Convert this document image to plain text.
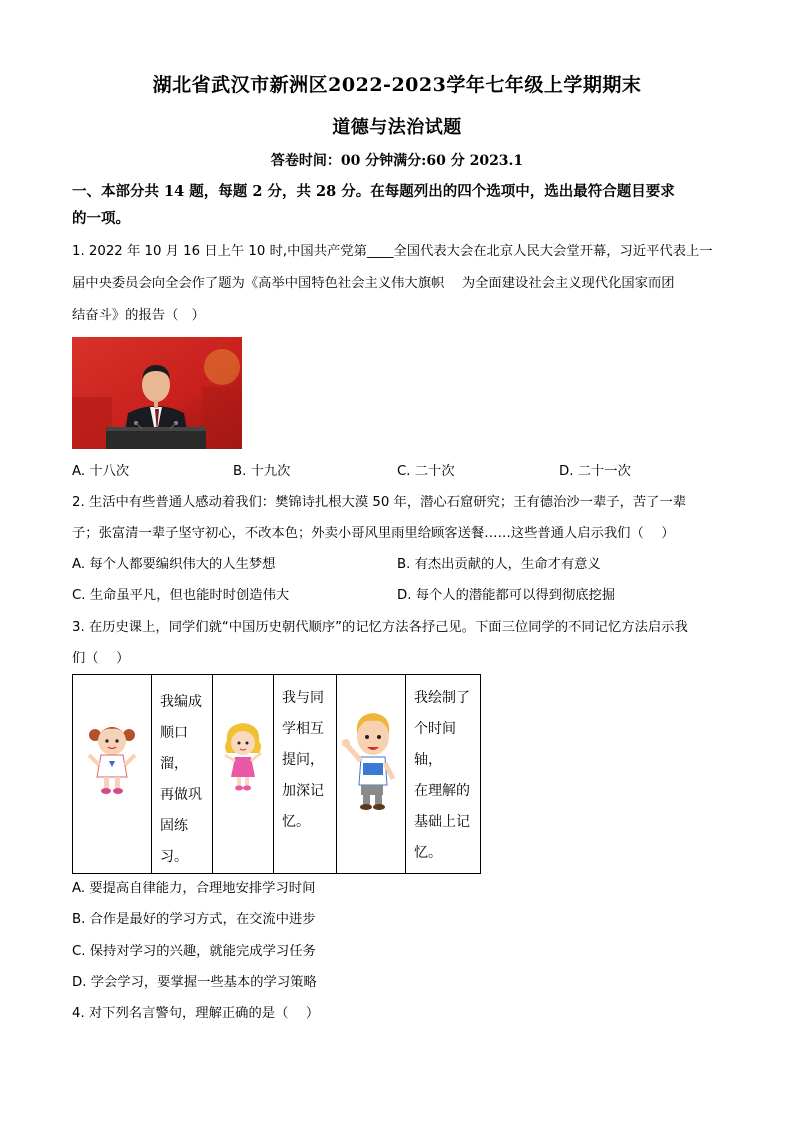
湖北省武汉市新洲区2022-2023学年七年级上学期期末
道德与法治试题
答卷时间：00 分钟满分:60 分 2023.1
一、本部分共 14 题，每题 2 分，共 28 分。在每题列出的四个选项中，选出最符合题目要求
的一项。
1. 2022 年 10 月 16 日上午 10 时,中国共产党第____全国代表大会在北京人民大会堂开幕，习近平代表上一
届中央委员会向全会作了题为《高举中国特色社会主义伟大旗帜　 为全面建设社会主义现代化国家而团
结奋斗》的报告（　）
A. 十八次	B. 十九次	C. 二十次	D. 二十一次
2. 生活中有些普通人感动着我们：樊锦诗扎根大漠 50 年，潜心石窟研究；王有德治沙一辈子，苦了一辈
子；张富清一辈子坚守初心，不改本色；外卖小哥风里雨里给顾客送餐……这些普通人启示我们（　 ）
A. 每个人都要编织伟大的人生梦想	B. 有杰出贡献的人，生命才有意义
C. 生命虽平凡，但也能时时创造伟大	D. 每个人的潜能都可以得到彻底挖掘
3. 在历史课上，同学们就“中国历史朝代顺序”的记忆方法各抒己见。下面三位同学的不同记忆方法启示我
们（　 ）

我编成
顺口溜，
再做巩
固练习。

我与同
学相互
提问，
加深记
忆。

我绘制了
个时间轴，
在理解的
基础上记
忆。
A. 要提高自律能力，合理地安排学习时间
B. 合作是最好的学习方式，在交流中进步
C. 保持对学习的兴趣，就能完成学习任务
D. 学会学习，要掌握一些基本的学习策略
4. 对下列名言警句，理解正确的是（　 ）
